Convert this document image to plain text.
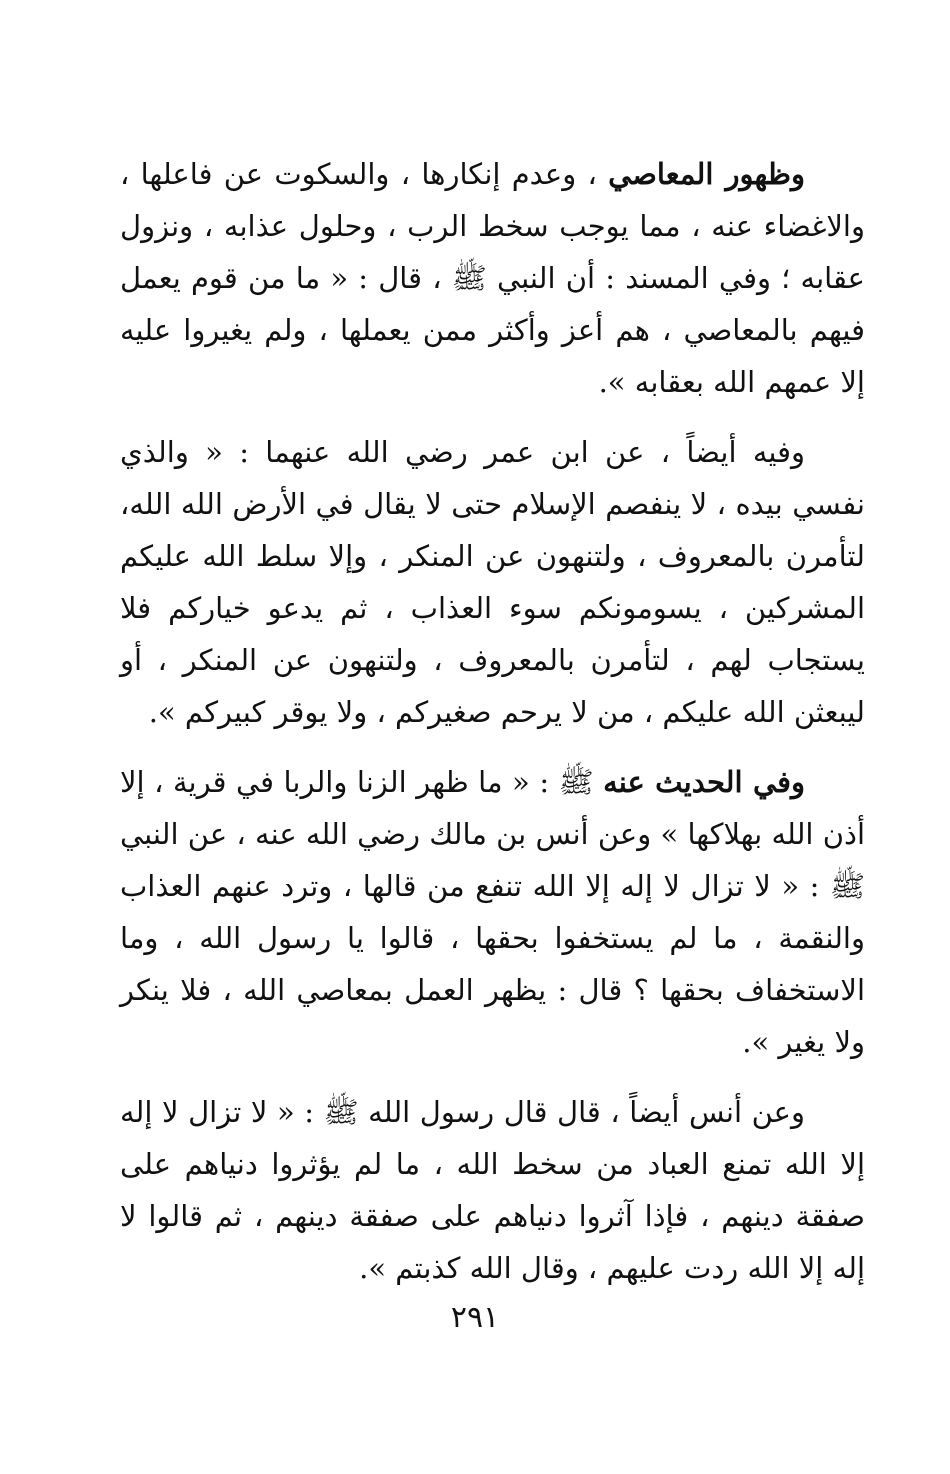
وظهور المعاصي ، وعدم إنكارها ، والسكوت عن فاعلها ، والاغضاء عنه ، مما يوجب سخط الرب ، وحلول عذابه ، ونزول عقابه ؛ وفي المسند : أن النبي ﷺ ، قال : « ما من قوم يعمل فيهم بالمعاصي ، هم أعز وأكثر ممن يعملها ، ولم يغيروا عليه إلا عمهم الله بعقابه ».

وفيه أيضاً ، عن ابن عمر رضي الله عنهما : « والذي نفسي بيده ، لا ينفصم الإسلام حتى لا يقال في الأرض الله الله، لتأمرن بالمعروف ، ولتنهون عن المنكر ، وإلا سلط الله عليكم المشركين ، يسومونكم سوء العذاب ، ثم يدعو خياركم فلا يستجاب لهم ، لتأمرن بالمعروف ، ولتنهون عن المنكر ، أو ليبعثن الله عليكم ، من لا يرحم صغيركم ، ولا يوقر كبيركم ».

وفي الحديث عنه ﷺ : « ما ظهر الزنا والربا في قرية ، إلا أذن الله بهلاكها » وعن أنس بن مالك رضي الله عنه ، عن النبي ﷺ : « لا تزال لا إله إلا الله تنفع من قالها ، وترد عنهم العذاب والنقمة ، ما لم يستخفوا بحقها ، قالوا يا رسول الله ، وما الاستخفاف بحقها ؟ قال : يظهر العمل بمعاصي الله ، فلا ينكر ولا يغير ».

وعن أنس أيضاً ، قال قال رسول الله ﷺ : « لا تزال لا إله إلا الله تمنع العباد من سخط الله ، ما لم يؤثروا دنياهم على صفقة دينهم ، فإذا آثروا دنياهم على صفقة دينهم ، ثم قالوا لا إله إلا الله ردت عليهم ، وقال الله كذبتم ».

٢٩١
